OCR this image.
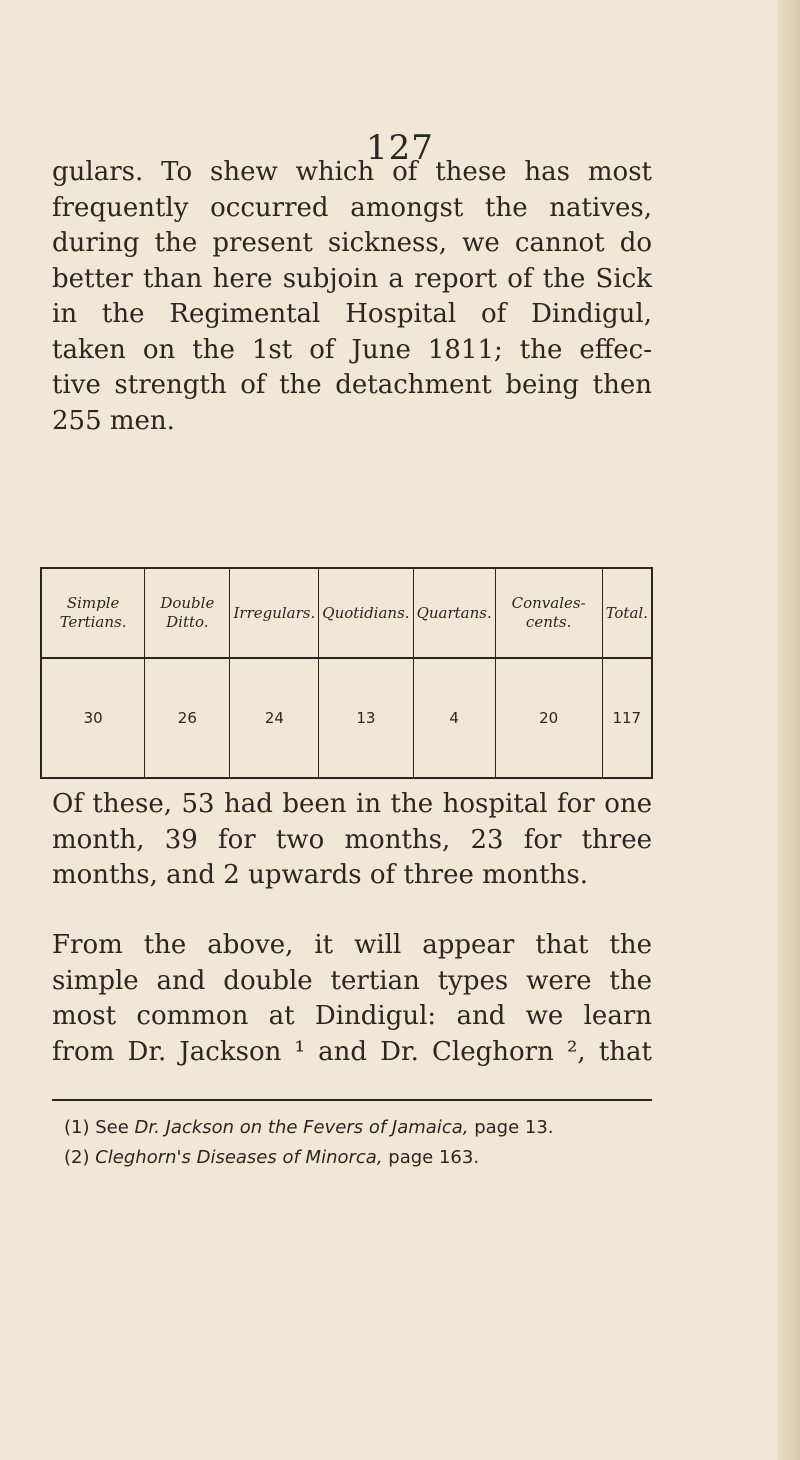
127
gulars. To shew which of these has most
frequently occurred amongst the natives,
during the present sickness, we cannot do
better than here subjoin a report of the Sick
in the Regimental Hospital of Dindigul,
taken on the 1st of June 1811; the effec-
tive strength of the detachment being then
255 men.
Simple Tertians.	Double Ditto.	Irregulars.	Quotidians.	Quartans.	Convales- cents.	Total.
30	26	24	13	4	20	117
Of these, 53 had been in the hospital for one
month, 39 for two months, 23 for three
months, and 2 upwards of three months.
From the above, it will appear that the
simple and double tertian types were the
most common at Dindigul: and we learn
from Dr. Jackson ¹ and Dr. Cleghorn ², that
(1) See Dr. Jackson on the Fevers of Jamaica, page 13.
(2) Cleghorn's Diseases of Minorca, page 163.
